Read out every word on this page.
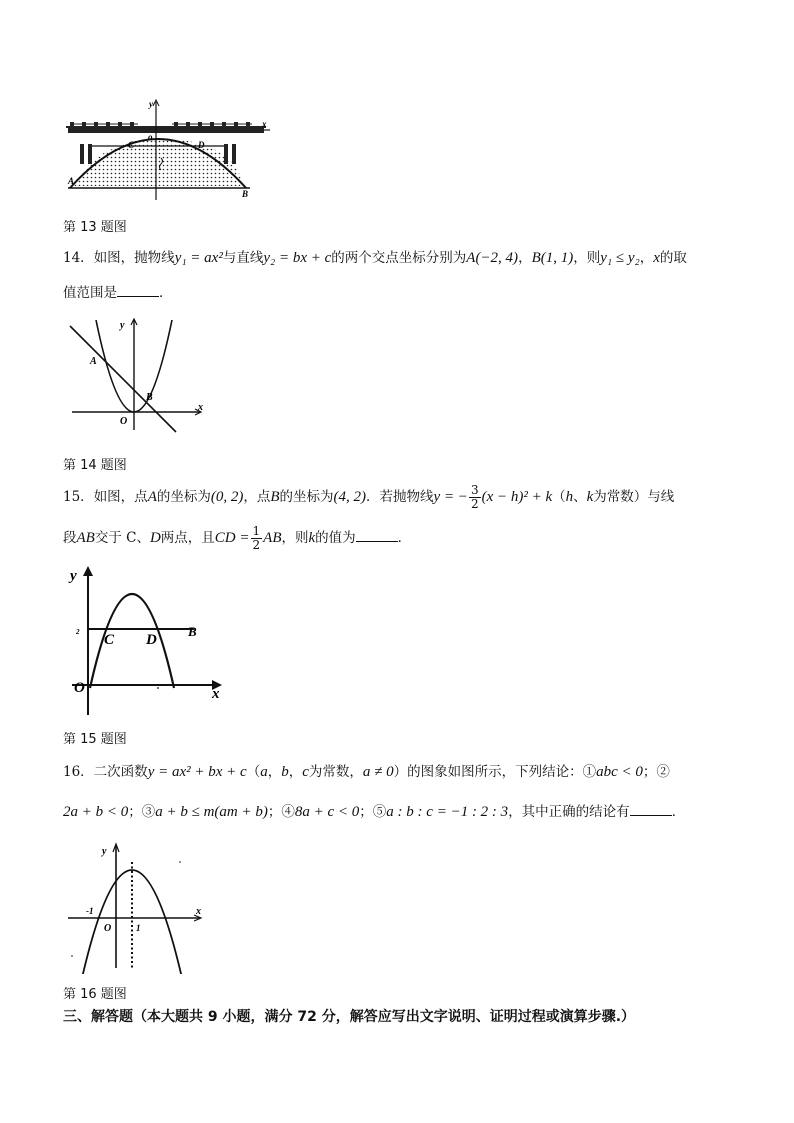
y
o
x
C	D
A
B
第 13 题图
14．如图，抛物线y₁ = ax²与直线y₂ = bx + c的两个交点坐标分别为A(−2, 4)，B(1, 1)，则y₁ ≤ y₂，x的取
值范围是	．
y
x
O
A
B
第 14 题图
15．如图，点A的坐标为(0, 2)，点B的坐标为(4, 2)．若抛物线y = − $\frac{3}{2} (x - h)^2 + k(h$、k为常数）与线
段AB交于 C、D两点，且CD = $\frac{1}{2}$ AB，则k的值为	．
y
x
O
C D
B
2
第 15 题图
16．二次函数y = ax² + bx + c（a，b，c为常数，a ≠ 0）的图象如图所示，下列结论：①abc < 0；②
2a + b < 0；③a + b ≤ m(am + b)；④8a + c < 0；⑤a : b : c = −1 : 2 : 3，其中正确的结论有	．
y
x
O
-1
1
第 16 题图
三、解答题（本大题共 9 小题，满分 72 分，解答应写出文字说明、证明过程或演算步骤.）
